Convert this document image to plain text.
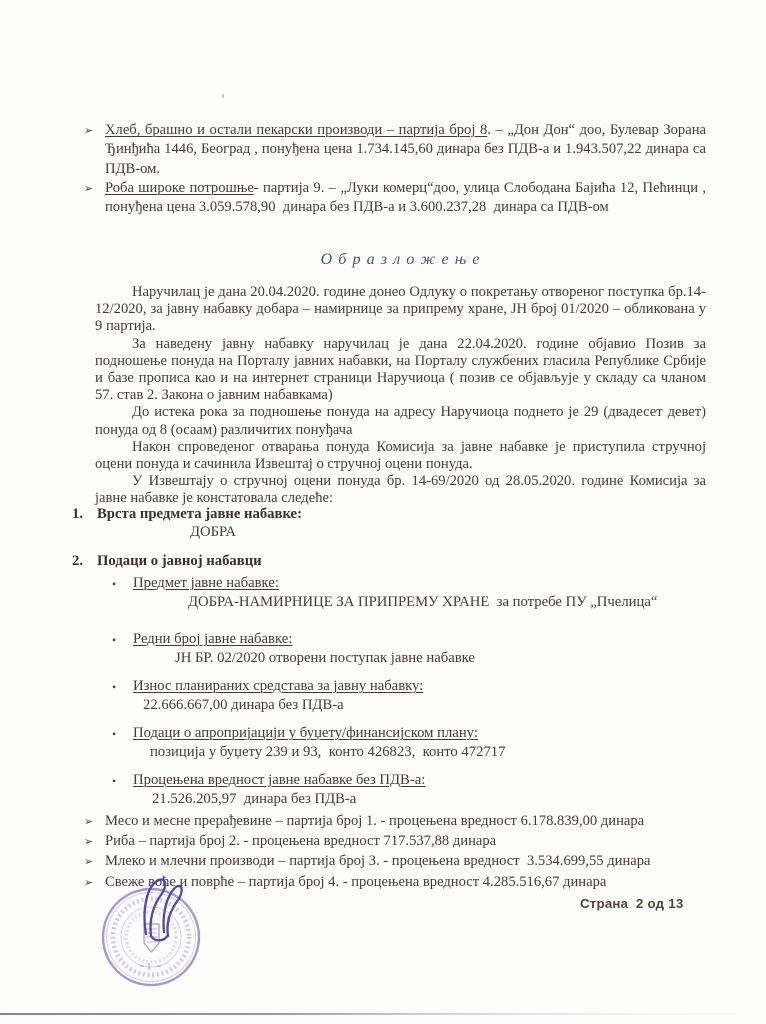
➢ Хлеб, брашно и остали пекарски производи – партија број 8. – „Дон Дон“ доо, Булевар Зорана Ђинђића 1446, Београд , понуђена цена 1.734.145,60 динара без ПДВ-а и 1.943.507,22 динара са ПДВ-ом.
➢ Роба широке потрошње- партија 9. – „Луки комерц“доо, улица Слободана Бајића 12, Пећинци , понуђена цена 3.059.578,90  динара без ПДВ-а и 3.600.237,28  динара са ПДВ-ом
О б р а з л о ж е њ е

Наручилац је дана 20.04.2020. године донео Одлуку о покретању отвореног поступка бр.14-12/2020, за јавну набавку добара – намирнице за припрему хране, ЈН број 01/2020 – обликована у 9 партија.

За наведену јавну набавку наручилац је дана 22.04.2020. године објавио Позив за подношење понуда на Порталу јавних набавки, на Порталу службених гласила Републике Србије и базе прописа као и на интернет страници Наручиоца ( позив се објављује у складу са чланом 57. став 2. Закона о јавним набавкама)

До истека рока за подношење понуда на адресу Наручиоца поднето је 29 (двадесет девет) понуда од 8 (осаам) различитих понуђача

Након спроведеног отварања понуда Комисија за јавне набавке је приступила стручној оцени понуда и сачинила Извештај о стручној оцени понуда.

У Извештају о стручној оцени понуда бр. 14-69/2020 од 28.05.2020. године Комисија за јавне набавке је констатовала следеће:

1. Врста предмета јавне набавке:
ДОБРА
2. Подаци о јавној набавци
•	Предмет јавне набавке:
ДОБРА-НАМИРНИЦЕ ЗА ПРИПРЕМУ ХРАНЕ  за потребе ПУ „Пчелица“
•	Редни број јавне набавке:
ЈН БР. 02/2020 отворени поступак јавне набавке
•	Износ планираних средстава за јавну набавку:
22.666.667,00 динара без ПДВ-а
•	Подаци о апропријацији у буџету/финансијском плану:
позиција у буџету 239 и 93,  конто 426823,  конто 472717
•	Процењена вредност јавне набавке без ПДВ-а:
21.526.205,97  динара без ПДВ-а
➢ Месо и месне прерађевине – партија број 1. - процењена вредност 6.178.839,00 динара
➢ Риба – партија број 2. - процењена вредност 717.537,88 динара
➢ Млеко и млечни производи – партија број 3. - процењена вредност  3.534.699,55 динара
➢ Свеже воће и поврће – партија број 4. - процењена вредност 4.285.516,67 динара
Страна  2 од 13
